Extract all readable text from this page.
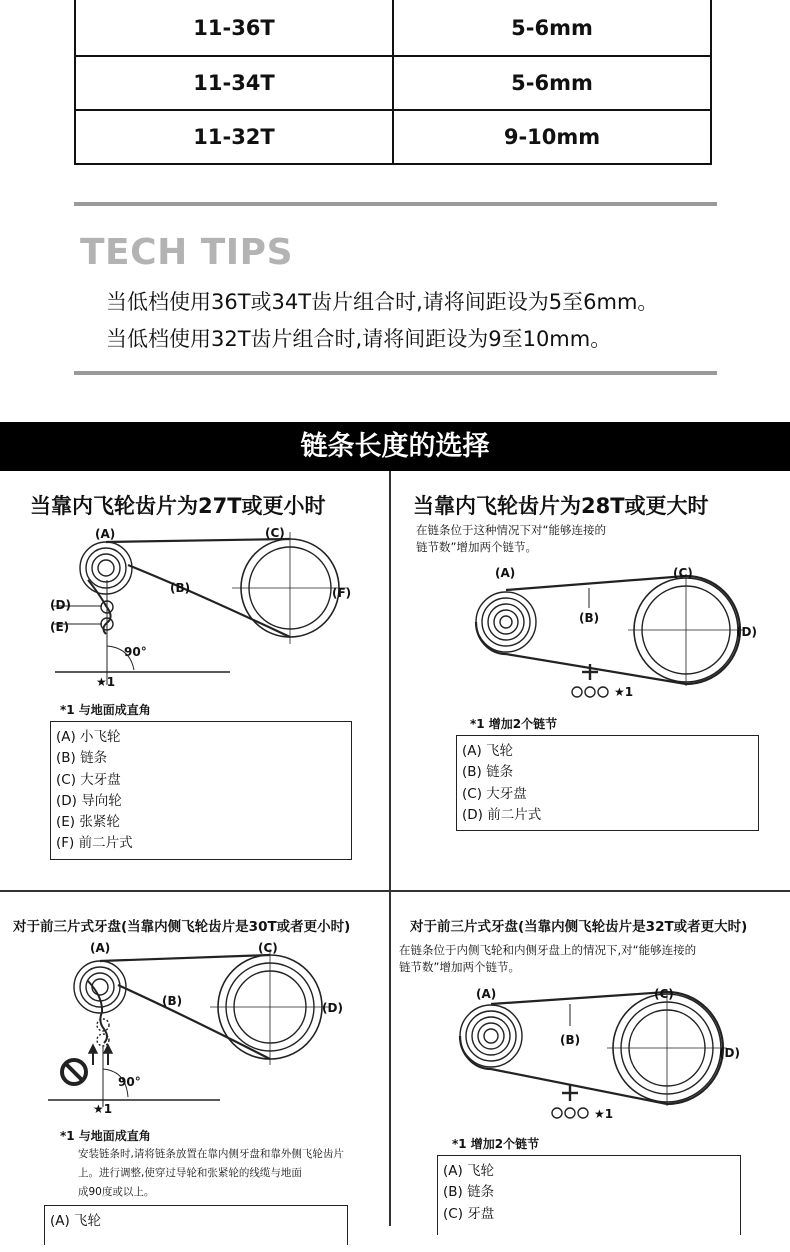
11-36T	5-6mm
11-34T	5-6mm
11-32T	9-10mm
TECH TIPS
当低档使用36T或34T齿片组合时,请将间距设为5至6mm。
当低档使用32T齿片组合时,请将间距设为9至10mm。
链条长度的选择
当靠内飞轮齿片为27T或更小时
(A)	(C)
(B)	(F)
(D)
(E)
90°
★1
*1 与地面成直角
(A) 小飞轮
(B) 链条
(C) 大牙盘
(D) 导向轮
(E) 张紧轮
(F) 前二片式
当靠内飞轮齿片为28T或更大时
在链条位于这种情况下对“能够连接的
链节数”增加两个链节。
(A)	(C)
(B)
(D)
★1
*1 增加2个链节
(A) 飞轮
(B) 链条
(C) 大牙盘
(D) 前二片式
对于前三片式牙盘(当靠内侧飞轮齿片是30T或者更小时)
(A)	(C)
(B)	(D)
90°
★1
*1 与地面成直角
安装链条时,请将链条放置在靠内侧牙盘和靠外侧飞轮齿片
上。进行调整,使穿过导轮和张紧轮的线缆与地面
成90度或以上。
(A) 飞轮
对于前三片式牙盘(当靠内侧飞轮齿片是32T或者更大时)
在链条位于内侧飞轮和内侧牙盘上的情况下,对“能够连接的
链节数”增加两个链节。
(A)	(C)
(B)
(D)
★1
*1 增加2个链节
(A) 飞轮
(B) 链条
(C) 牙盘
